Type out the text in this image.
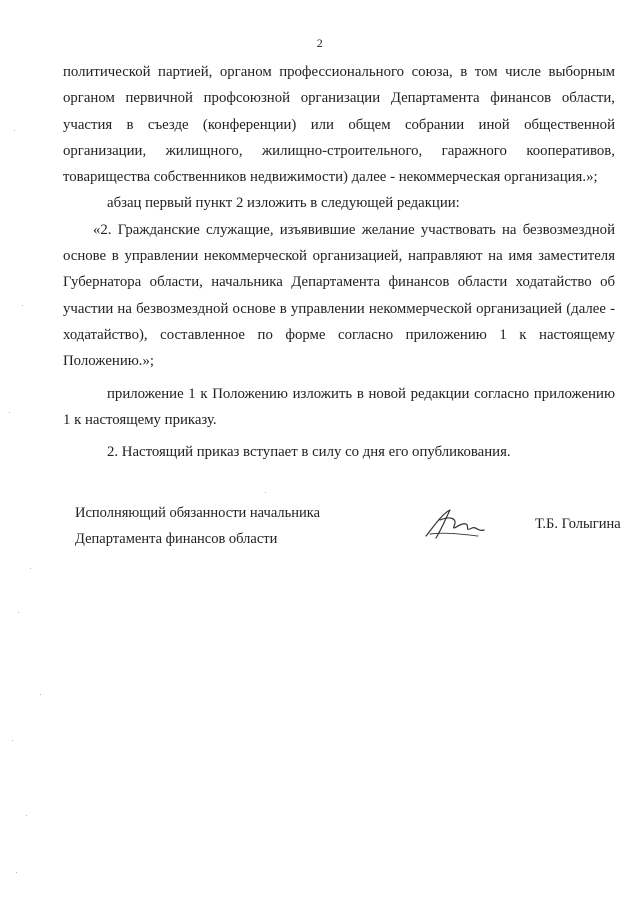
2

политической партией, органом профессионального союза, в том числе выборным органом первичной профсоюзной организации Департамента финансов области, участия в съезде (конференции) или общем собрании иной общественной организации, жилищного, жилищно-строительного, гаражного кооперативов, товарищества собственников недвижимости) далее - некоммерческая организация.»;

абзац первый пункт 2 изложить в следующей редакции:

«2. Гражданские служащие, изъявившие желание участвовать на безвозмездной основе в управлении некоммерческой организацией, направляют на имя заместителя Губернатора области, начальника Департамента финансов области ходатайство об участии на безвозмездной основе в управлении некоммерческой организацией (далее - ходатайство), составленное по форме согласно приложению 1 к настоящему Положению.»;

приложение 1 к Положению изложить в новой редакции согласно приложению 1 к настоящему приказу.

2. Настоящий приказ вступает в силу со дня его опубликования.

Исполняющий обязанности начальника
Департамента финансов области
Т.Б. Голыгина
